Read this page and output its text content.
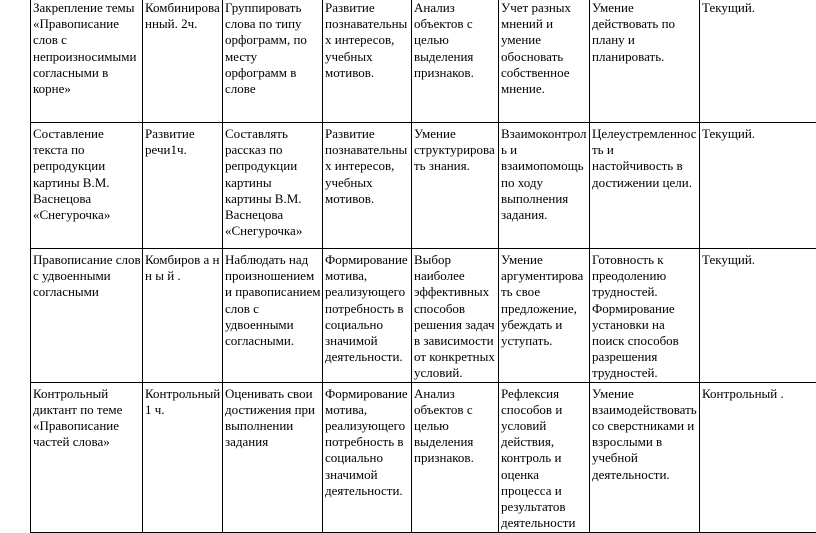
Закрепление темы «Правописание слов с непроизносимыми согласными в корне»	Комбинированный. 2ч.	Группировать слова по типу орфограмм, по месту орфограмм в слове	Развитие познавательных интересов, учебных мотивов.	Анализ объектов с целью выделения признаков.	Учет разных мнений и умение обосновать собственное мнение.	Умение действовать по плану и планировать.	Текущий.
Составление текста по репродукции картины В.М. Васнецова «Снегурочка»	Развитие речи1ч.	Составлять рассказ по репродукции картины картины В.М. Васнецова «Снегурочка»	Развитие познавательных интересов, учебных мотивов.	Умение структурировать знания.	Взаимоконтроль и взаимопомощь по ходу выполнения задания.	Целеустремленность и настойчивость в достижении цели.	Текущий.
Правописание слов с удвоенными согласными	Комбиров а н н ы й .	Наблюдать над произношением и правописанием слов с удвоенными согласными.	Формирование мотива, реализующего потребность в социально значимой деятельности.	Выбор наиболее эффективных способов решения задач в зависимости от конкретных условий.	Умение аргументировать свое предложение, убеждать и уступать.	Готовность к преодолению трудностей. Формирование установки на поиск способов разрешения трудностей.	Текущий.
Контрольный диктант по теме «Правописание частей слова»	Контрольный 1 ч.	Оценивать свои достижения при выполнении задания	Формирование мотива, реализующего потребность в социально значимой деятельности.	Анализ объектов с целью выделения признаков.	Рефлексия способов и условий действия, контроль и оценка процесса и результатов деятельности	Умение взаимодействовать со сверстниками и взрослыми в учебной деятельности.	Контрольный .
